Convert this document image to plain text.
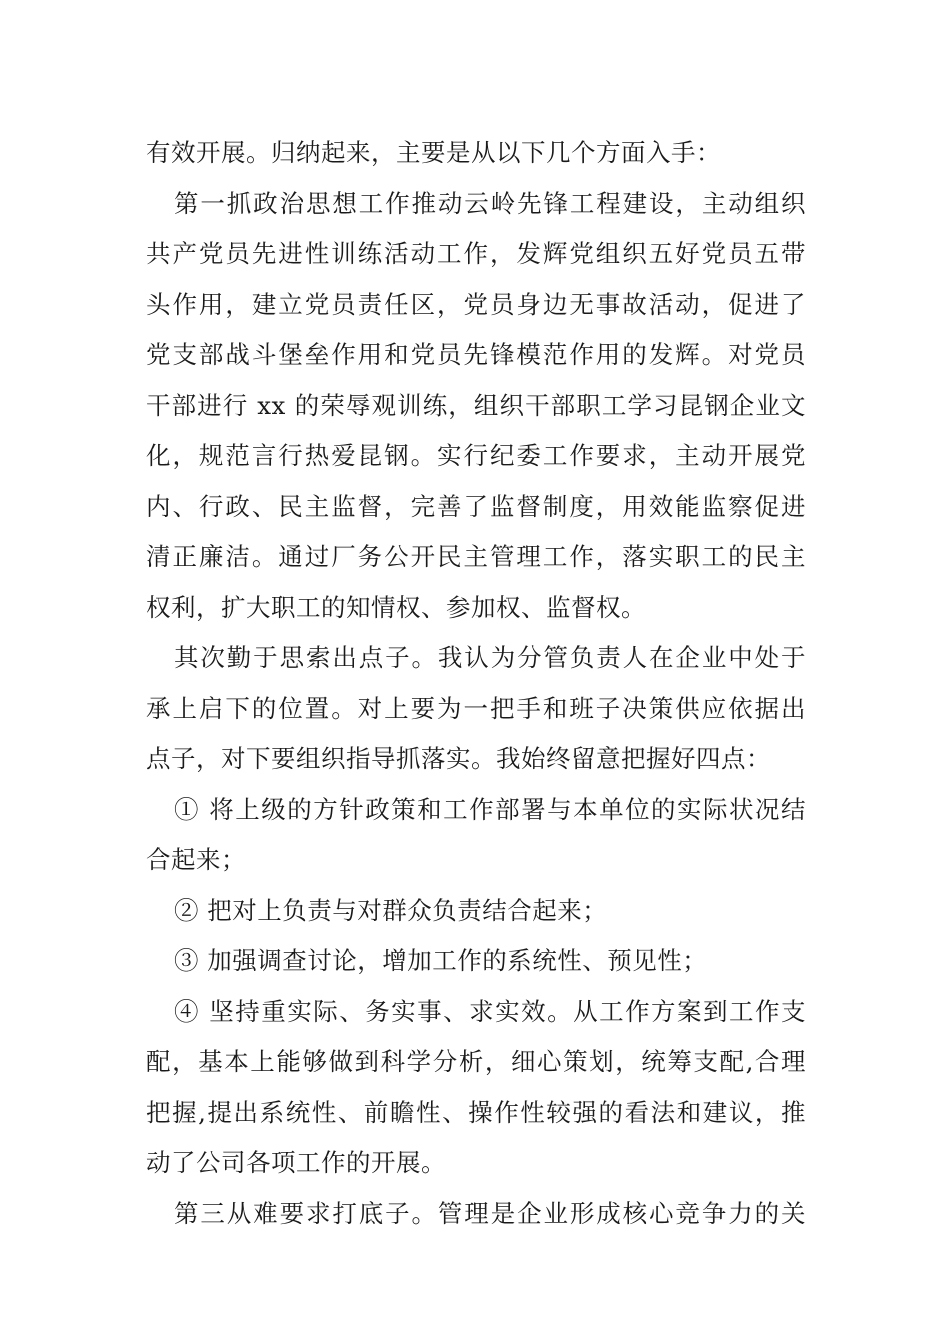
有效开展。归纳起来，主要是从以下几个方面入手：
第一抓政治思想工作推动云岭先锋工程建设，主动组织
共产党员先进性训练活动工作，发辉党组织五好党员五带
头作用，建立党员责任区，党员身边无事故活动，促进了
党支部战斗堡垒作用和党员先锋模范作用的发辉。对党员
干部进行 xx 的荣辱观训练，组织干部职工学习昆钢企业文
化，规范言行热爱昆钢。实行纪委工作要求，主动开展党
内、行政、民主监督，完善了监督制度，用效能监察促进
清正廉洁。通过厂务公开民主管理工作，落实职工的民主
权利，扩大职工的知情权、参加权、监督权。
其次勤于思索出点子。我认为分管负责人在企业中处于
承上启下的位置。对上要为一把手和班子决策供应依据出
点子，对下要组织指导抓落实。我始终留意把握好四点：
① 将上级的方针政策和工作部署与本单位的实际状况结
合起来；
② 把对上负责与对群众负责结合起来；
③ 加强调查讨论，增加工作的系统性、预见性；
④ 坚持重实际、务实事、求实效。从工作方案到工作支
配，基本上能够做到科学分析，细心策划，统筹支配,合理
把握,提出系统性、前瞻性、操作性较强的看法和建议，推
动了公司各项工作的开展。
第三从难要求打底子。管理是企业形成核心竞争力的关
